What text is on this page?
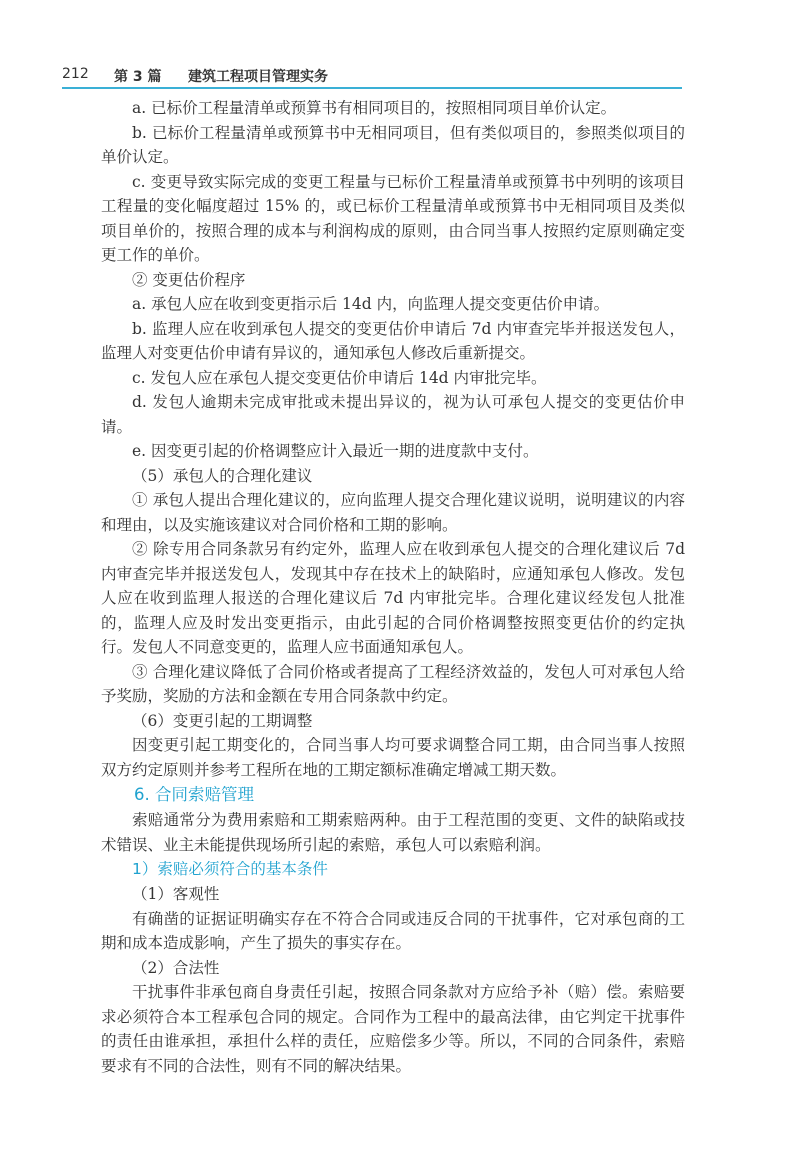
212 第 3 篇 建筑工程项目管理实务

a. 已标价工程量清单或预算书有相同项目的，按照相同项目单价认定。

b. 已标价工程量清单或预算书中无相同项目，但有类似项目的，参照类似项目的单价认定。

c. 变更导致实际完成的变更工程量与已标价工程量清单或预算书中列明的该项目工程量的变化幅度超过 15% 的，或已标价工程量清单或预算书中无相同项目及类似项目单价的，按照合理的成本与利润构成的原则，由合同当事人按照约定原则确定变更工作的单价。

② 变更估价程序

a. 承包人应在收到变更指示后 14d 内，向监理人提交变更估价申请。

b. 监理人应在收到承包人提交的变更估价申请后 7d 内审查完毕并报送发包人，监理人对变更估价申请有异议的，通知承包人修改后重新提交。

c. 发包人应在承包人提交变更估价申请后 14d 内审批完毕。

d. 发包人逾期未完成审批或未提出异议的，视为认可承包人提交的变更估价申请。

e. 因变更引起的价格调整应计入最近一期的进度款中支付。

（5）承包人的合理化建议

① 承包人提出合理化建议的，应向监理人提交合理化建议说明，说明建议的内容和理由，以及实施该建议对合同价格和工期的影响。

② 除专用合同条款另有约定外，监理人应在收到承包人提交的合理化建议后 7d 内审查完毕并报送发包人，发现其中存在技术上的缺陷时，应通知承包人修改。发包人应在收到监理人报送的合理化建议后 7d 内审批完毕。合理化建议经发包人批准的，监理人应及时发出变更指示，由此引起的合同价格调整按照变更估价的约定执行。发包人不同意变更的，监理人应书面通知承包人。

③ 合理化建议降低了合同价格或者提高了工程经济效益的，发包人可对承包人给予奖励，奖励的方法和金额在专用合同条款中约定。

（6）变更引起的工期调整

因变更引起工期变化的，合同当事人均可要求调整合同工期，由合同当事人按照双方约定原则并参考工程所在地的工期定额标准确定增减工期天数。

6. 合同索赔管理

索赔通常分为费用索赔和工期索赔两种。由于工程范围的变更、文件的缺陷或技术错误、业主未能提供现场所引起的索赔，承包人可以索赔利润。

1）索赔必须符合的基本条件

（1）客观性

有确凿的证据证明确实存在不符合合同或违反合同的干扰事件，它对承包商的工期和成本造成影响，产生了损失的事实存在。

（2）合法性

干扰事件非承包商自身责任引起，按照合同条款对方应给予补（赔）偿。索赔要求必须符合本工程承包合同的规定。合同作为工程中的最高法律，由它判定干扰事件的责任由谁承担，承担什么样的责任，应赔偿多少等。所以，不同的合同条件，索赔要求有不同的合法性，则有不同的解决结果。
